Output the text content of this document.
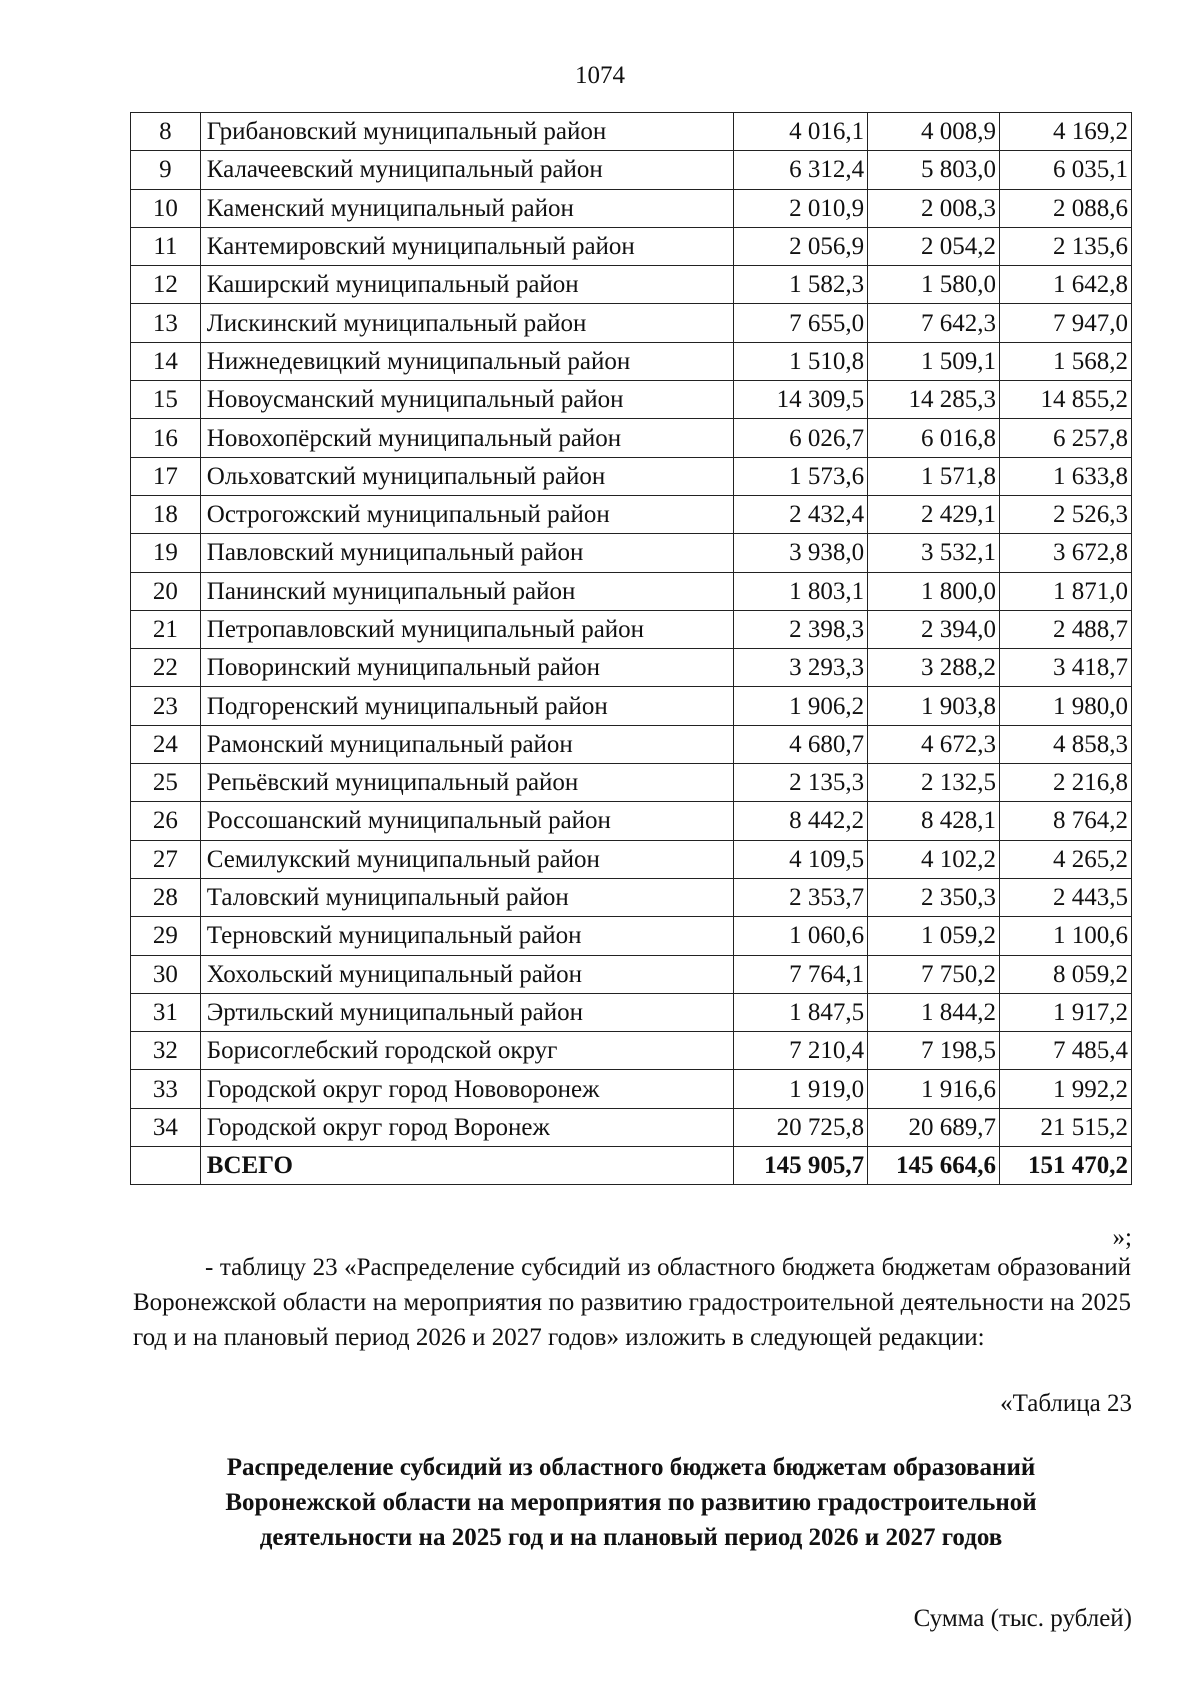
1074
8	Грибановский муниципальный район	4 016,1	4 008,9	4 169,2
9	Калачеевский муниципальный район	6 312,4	5 803,0	6 035,1
10	Каменский муниципальный район	2 010,9	2 008,3	2 088,6
11	Кантемировский муниципальный район	2 056,9	2 054,2	2 135,6
12	Каширский муниципальный район	1 582,3	1 580,0	1 642,8
13	Лискинский муниципальный район	7 655,0	7 642,3	7 947,0
14	Нижнедевицкий муниципальный район	1 510,8	1 509,1	1 568,2
15	Новоусманский муниципальный район	14 309,5	14 285,3	14 855,2
16	Новохопёрский муниципальный район	6 026,7	6 016,8	6 257,8
17	Ольховатский муниципальный район	1 573,6	1 571,8	1 633,8
18	Острогожский муниципальный район	2 432,4	2 429,1	2 526,3
19	Павловский муниципальный район	3 938,0	3 532,1	3 672,8
20	Панинский муниципальный район	1 803,1	1 800,0	1 871,0
21	Петропавловский муниципальный район	2 398,3	2 394,0	2 488,7
22	Поворинский муниципальный район	3 293,3	3 288,2	3 418,7
23	Подгоренский муниципальный район	1 906,2	1 903,8	1 980,0
24	Рамонский муниципальный район	4 680,7	4 672,3	4 858,3
25	Репьёвский муниципальный район	2 135,3	2 132,5	2 216,8
26	Россошанский муниципальный район	8 442,2	8 428,1	8 764,2
27	Семилукский муниципальный район	4 109,5	4 102,2	4 265,2
28	Таловский муниципальный район	2 353,7	2 350,3	2 443,5
29	Терновский муниципальный район	1 060,6	1 059,2	1 100,6
30	Хохольский муниципальный район	7 764,1	7 750,2	8 059,2
31	Эртильский муниципальный район	1 847,5	1 844,2	1 917,2
32	Борисоглебский городской округ	7 210,4	7 198,5	7 485,4
33	Городской округ город Нововоронеж	1 919,0	1 916,6	1 992,2
34	Городской округ город Воронеж	20 725,8	20 689,7	21 515,2
	ВСЕГО	145 905,7	145 664,6	151 470,2
»;
- таблицу 23 «Распределение субсидий из областного бюджета бюджетам образований Воронежской области на мероприятия по развитию градостроительной деятельности на 2025 год и на плановый период 2026 и 2027 годов» изложить в следующей редакции:
«Таблица 23
Распределение субсидий из областного бюджета бюджетам образований
Воронежской области на мероприятия по развитию градостроительной
деятельности на 2025 год и на плановый период 2026 и 2027 годов
Сумма (тыс. рублей)
